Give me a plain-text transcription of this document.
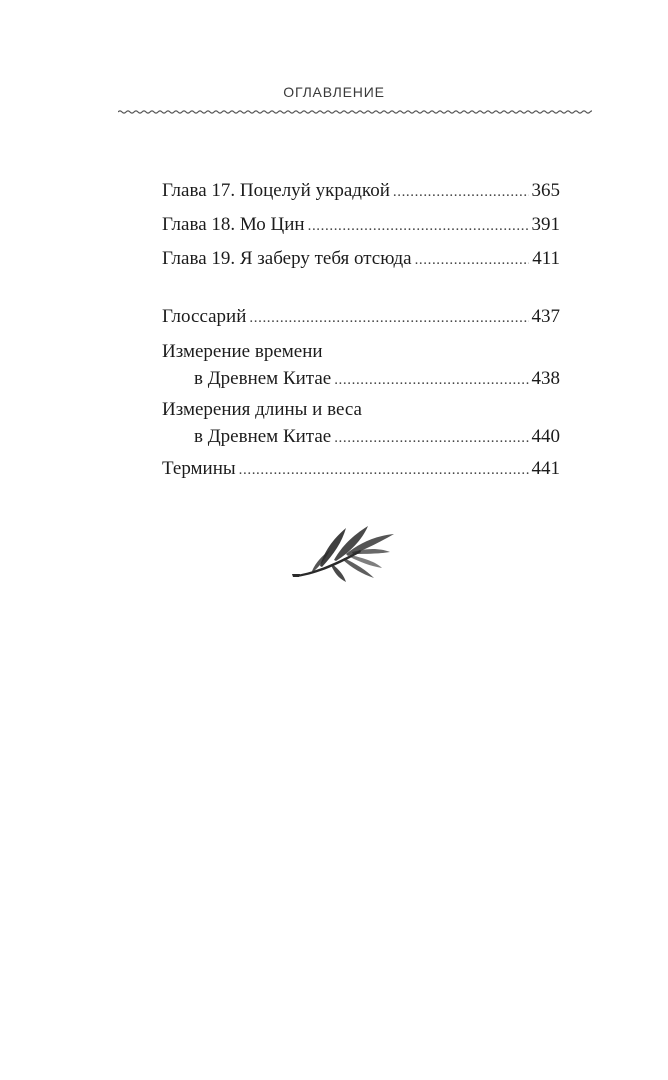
ОГЛАВЛЕНИЕ
Глава 17. Поцелуй украдкой .....	365
Глава 18. Мо Цин .....	391
Глава 19. Я заберу тебя отсюда .....	411
Глоссарий .....	437
Измерение времени
в Древнем Китае .....	438
Измерения длины и веса
в Древнем Китае .....	440
Термины .....	441
